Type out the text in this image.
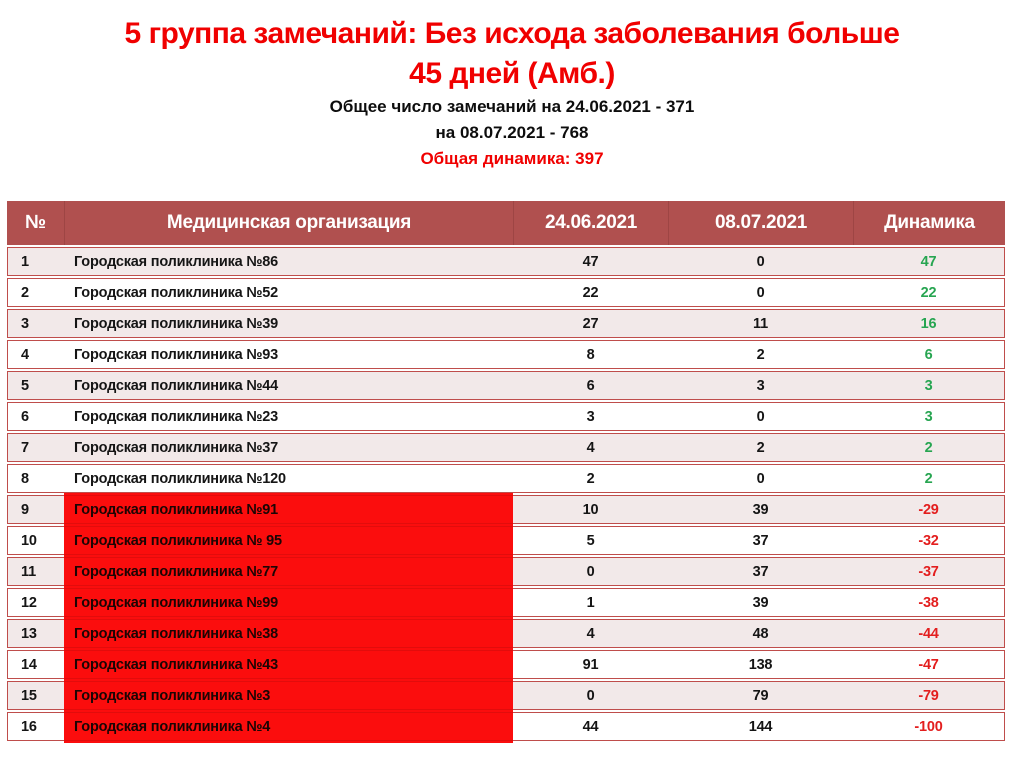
5 группа замечаний: Без исхода заболевания больше
45 дней (Амб.)
Общее число замечаний на 24.06.2021 - 371
на 08.07.2021 - 768
Общая динамика: 397
№	Медицинская организация	24.06.2021	08.07.2021	Динамика
1	Городская поликлиника №86	47	0	47
2	Городская поликлиника №52	22	0	22
3	Городская поликлиника №39	27	11	16
4	Городская поликлиника №93	8	2	6
5	Городская поликлиника №44	6	3	3
6	Городская поликлиника №23	3	0	3
7	Городская поликлиника №37	4	2	2
8	Городская поликлиника №120	2	0	2
9	Городская поликлиника №91	10	39	-29
10	Городская поликлиника № 95	5	37	-32
11	Городская поликлиника №77	0	37	-37
12	Городская поликлиника №99	1	39	-38
13	Городская поликлиника №38	4	48	-44
14	Городская поликлиника №43	91	138	-47
15	Городская поликлиника №3	0	79	-79
16	Городская поликлиника №4	44	144	-100
